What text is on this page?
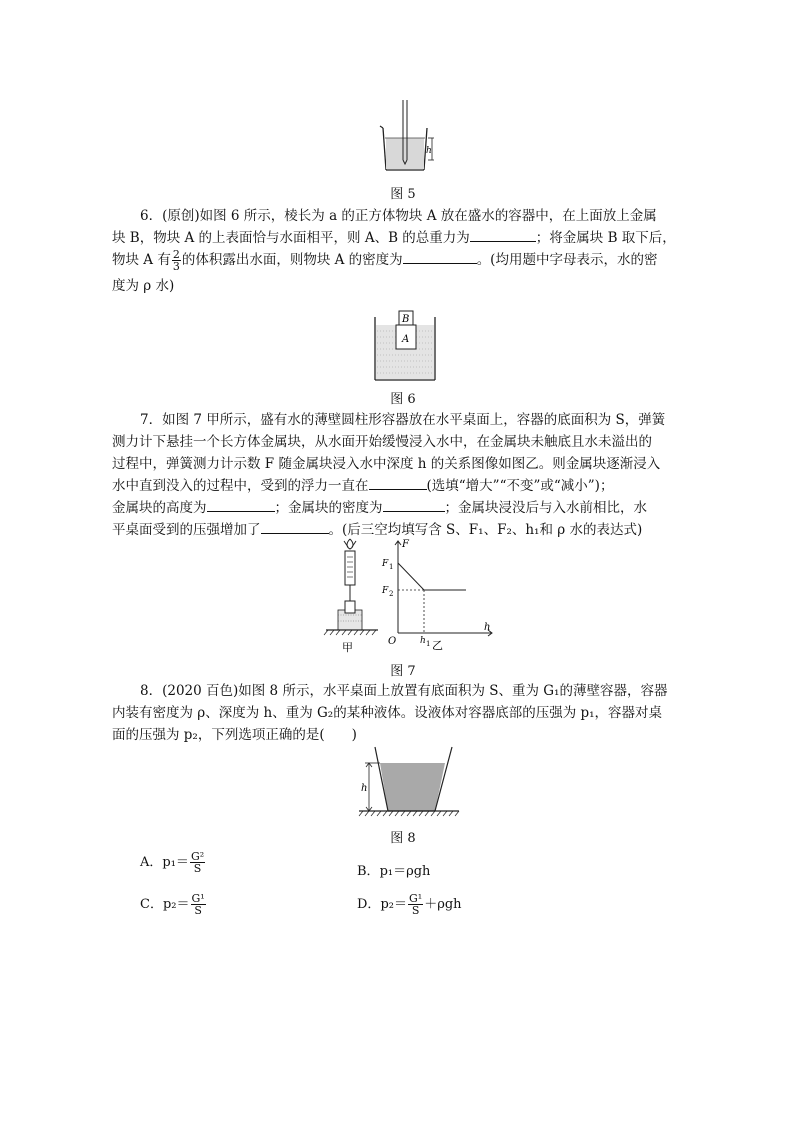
h
图 5
6．(原创)如图 6 所示，棱长为 a 的正方体物块 A 放在盛水的容器中，在上面放上金属
块 B，物块 A 的上表面恰与水面相平，则 A、B 的总重力为	；将金属块 B 取下后，
物块 A 有 $\frac{2}{3}$ 的体积露出水面，则物块 A 的密度为	。(均用题中字母表示，水的密
度为 ρ 水)
A
B
图 6
7．如图 7 甲所示，盛有水的薄壁圆柱形容器放在水平桌面上，容器的底面积为 S，弹簧
测力计下悬挂一个长方体金属块，从水面开始缓慢浸入水中，在金属块未触底且水未溢出的
过程中，弹簧测力计示数 F 随金属块浸入水中深度 h 的关系图像如图乙。则金属块逐渐浸入
水中直到没入的过程中，受到的浮力一直在	(选填“增大”“不变”或“减小”)；
金属块的高度为	；金属块的密度为	；金属块浸没后与入水前相比，水
平桌面受到的压强增加了	。(后三空均填写含 S、F₁、F₂、h₁和 ρ 水的表达式)
甲
F
h
O
F 1
F 2
h 1 乙
图 7
8．(2020 百色)如图 8 所示，水平桌面上放置有底面积为 S、重为 G₁的薄壁容器，容器
内装有密度为 ρ、深度为 h、重为 G₂的某种液体。设液体对容器底部的压强为 p₁，容器对桌
面的压强为 p₂，下列选项正确的是(　　)
h
图 8
A．$p_1= \frac{\text{G²}}{S}$	B．p₁＝ρgh
C．$p_2= \frac{\text{G¹}}{S}$	D．$p_2= \frac{\text{G¹}}{S} +\rho gh$
